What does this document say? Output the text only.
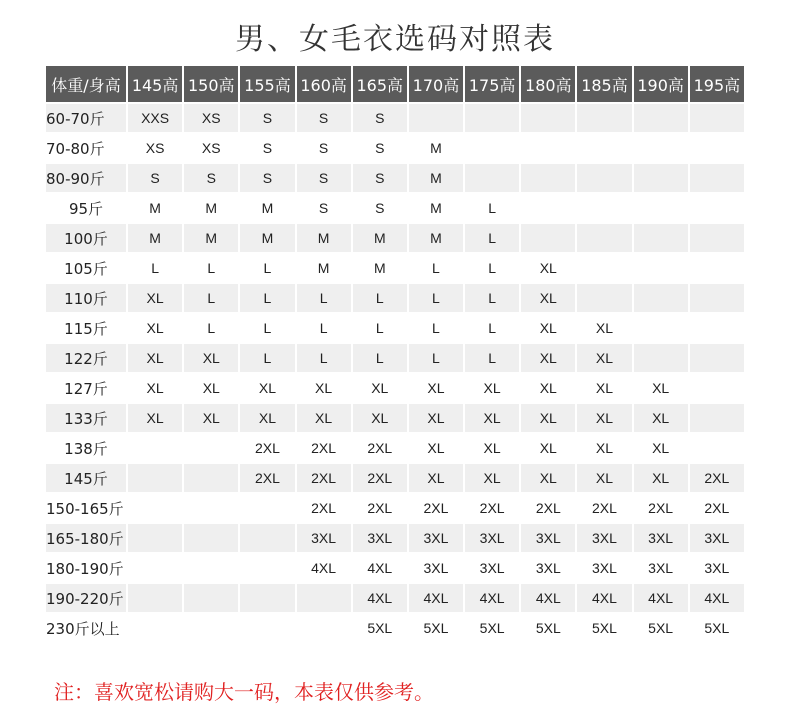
男、女毛衣选码对照表
体重/身高	145高	150高	155高	160高	165高	170高	175高	180高	185高	190高	195高
60-70斤	XXS	XS	S	S	S						
70-80斤	XS	XS	S	S	S	M					
80-90斤	S	S	S	S	S	M					
95斤	M	M	M	S	S	M	L				
100斤	M	M	M	M	M	M	L				
105斤	L	L	L	M	M	L	L	XL			
110斤	XL	L	L	L	L	L	L	XL			
115斤	XL	L	L	L	L	L	L	XL	XL		
122斤	XL	XL	L	L	L	L	L	XL	XL		
127斤	XL	XL	XL	XL	XL	XL	XL	XL	XL	XL	
133斤	XL	XL	XL	XL	XL	XL	XL	XL	XL	XL	
138斤			2XL	2XL	2XL	XL	XL	XL	XL	XL	
145斤			2XL	2XL	2XL	XL	XL	XL	XL	XL	2XL
150-165斤				2XL	2XL	2XL	2XL	2XL	2XL	2XL	2XL
165-180斤				3XL	3XL	3XL	3XL	3XL	3XL	3XL	3XL
180-190斤				4XL	4XL	3XL	3XL	3XL	3XL	3XL	3XL
190-220斤					4XL	4XL	4XL	4XL	4XL	4XL	4XL
230斤以上					5XL	5XL	5XL	5XL	5XL	5XL	5XL
注：喜欢宽松请购大一码，本表仅供参考。
